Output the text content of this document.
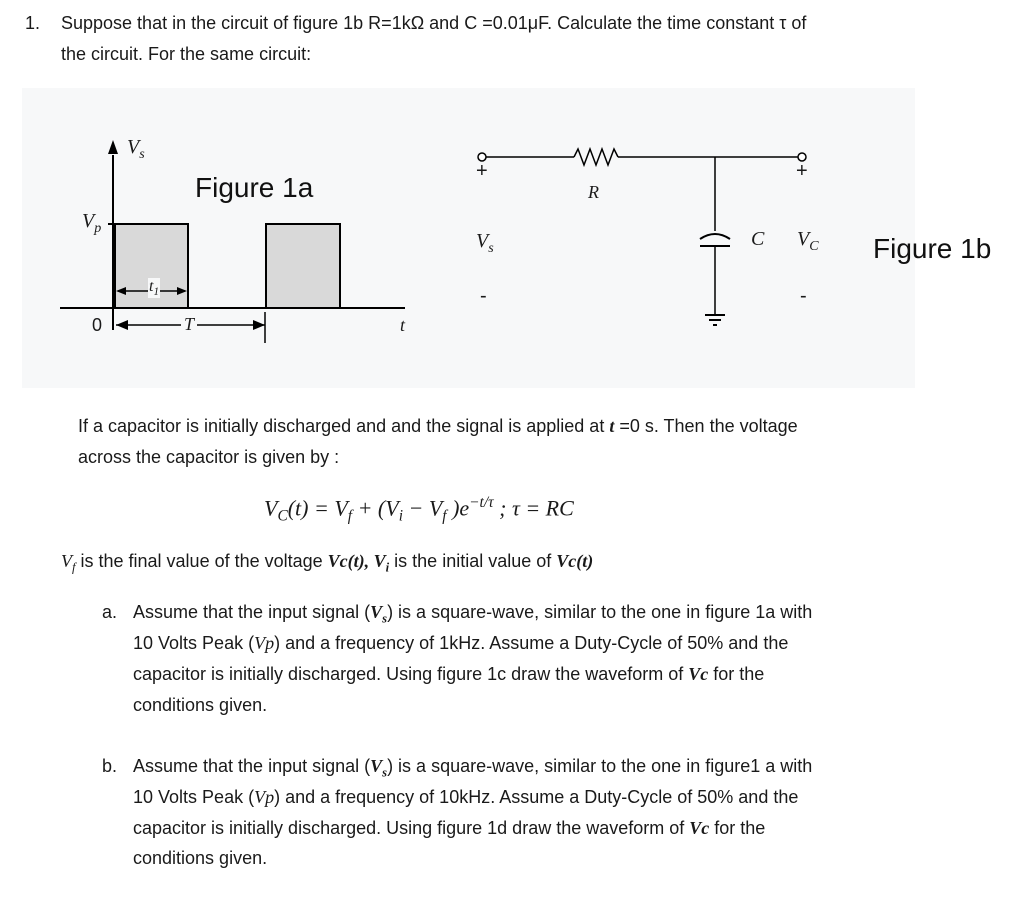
1. Suppose that in the circuit of figure 1b R=1kΩ and C =0.01μF. Calculate the time constant τ of
the circuit. For the same circuit:
$V_s$
Figure 1a
$V_p$
$t_1$
0	T	t
+	+
R
$V_s$	C $V_C$ Figure 1b
-	-
If a capacitor is initially discharged and and the signal is applied at t =0 s. Then the voltage
across the capacitor is given by :
$V_C(t) = V_f + (V_i - V_f$ )$e^{-t/\tau}$ ; τ = RC
$V_f$ is the final value of the voltage Vc(t), $V_i$ is the initial value of Vc(t)
a. Assume that the input signal $(V_s)$ is a square-wave, similar to the one in figure 1a with
10 Volts Peak (Vp) and a frequency of 1kHz. Assume a Duty-Cycle of 50% and the
capacitor is initially discharged. Using figure 1c draw the waveform of Vc for the
conditions given.
b. Assume that the input signal $(V_s)$ is a square-wave, similar to the one in figure1 a with
10 Volts Peak (Vp) and a frequency of 10kHz. Assume a Duty-Cycle of 50% and the
capacitor is initially discharged. Using figure 1d draw the waveform of Vc for the
conditions given.
